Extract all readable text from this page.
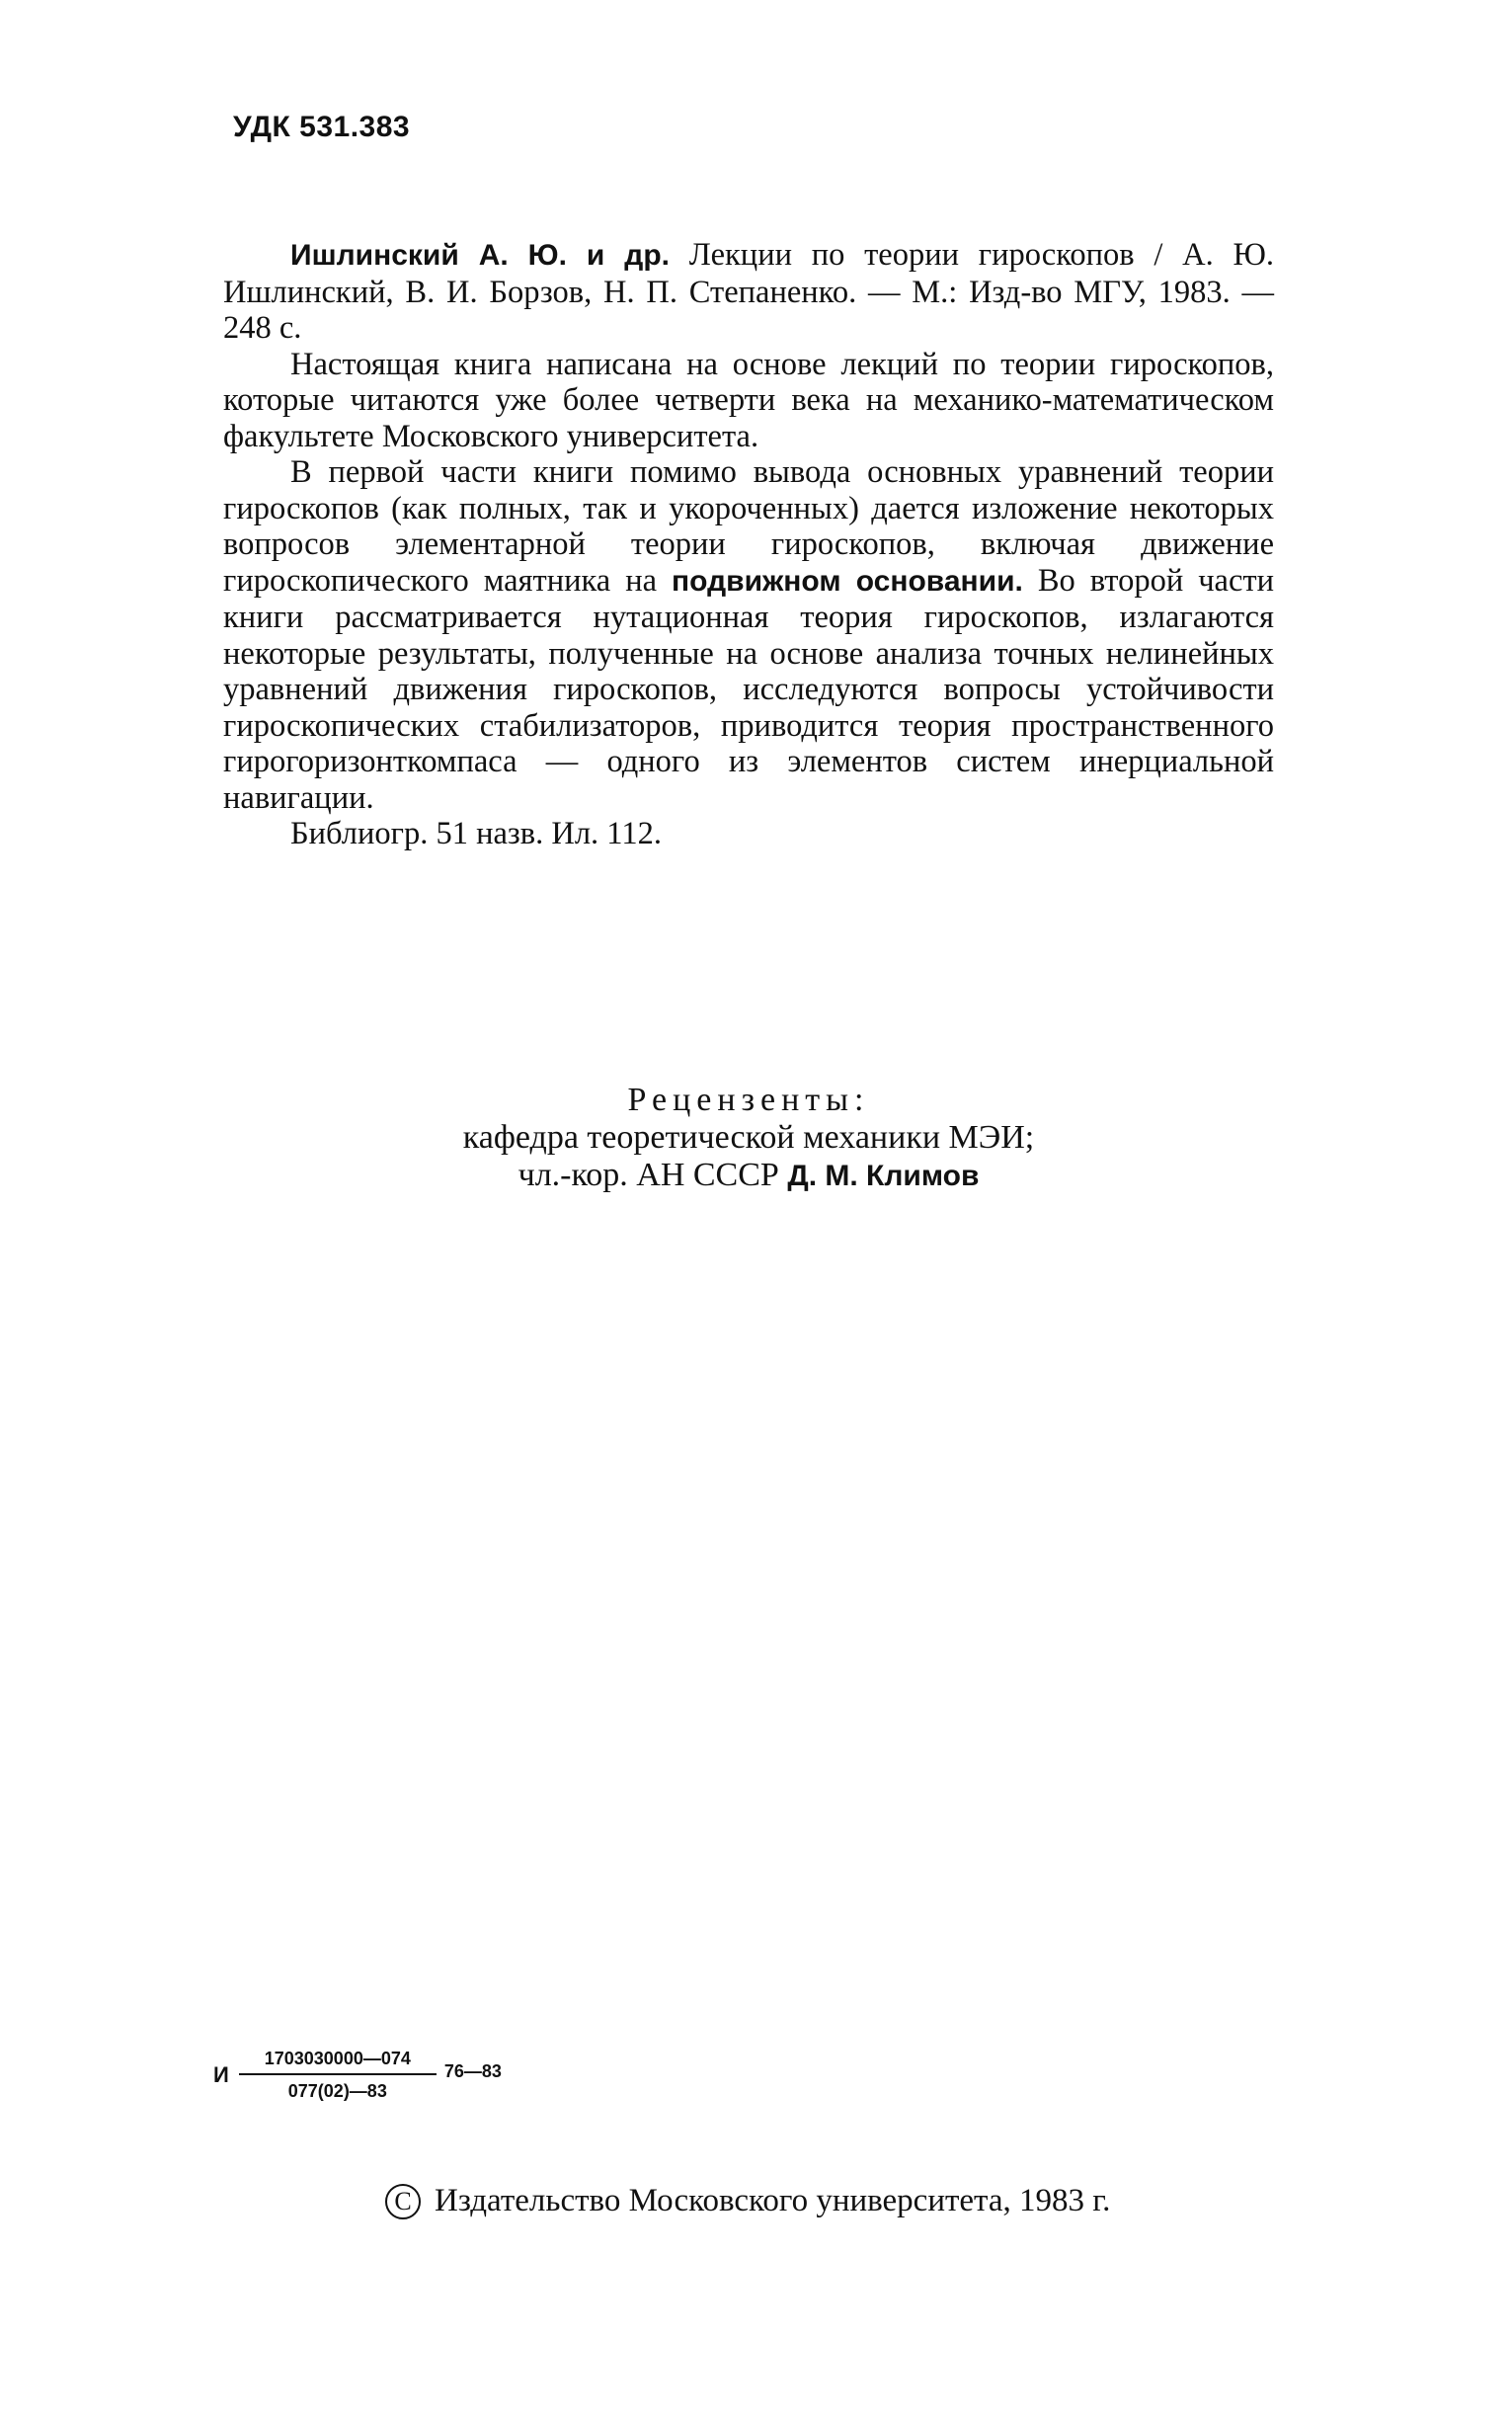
УДК 531.383

Ишлинский А. Ю. и др. Лекции по теории гироскопов / А. Ю. Ишлинский, В. И. Борзов, Н. П. Степаненко. — М.: Изд-во МГУ, 1983. — 248 с.

Настоящая книга написана на основе лекций по теории гироскопов, которые читаются уже более четверти века на механико-математическом факультете Московского университета.

В первой части книги помимо вывода основных уравнений теории гироскопов (как полных, так и укороченных) дается изложение некоторых вопросов элементарной теории гироскопов, включая движение гироскопического маятника на подвижном основании. Во второй части книги рассматривается нутационная теория гироскопов, излагаются некоторые результаты, полученные на основе анализа точных нелинейных уравнений движения гироскопов, исследуются вопросы устойчивости гироскопических стабилизаторов, приводится теория пространственного гирогоризонткомпаса — одного из элементов систем инерциальной навигации.

Библиогр. 51 назв. Ил. 112.

Рецензенты:
кафедра теоретической механики МЭИ;
чл.-кор. АН СССР Д. М. Климов
И $\frac{1703030000—074}{077(02)—83}$ 76—83
C Издательство Московского университета, 1983 г.
